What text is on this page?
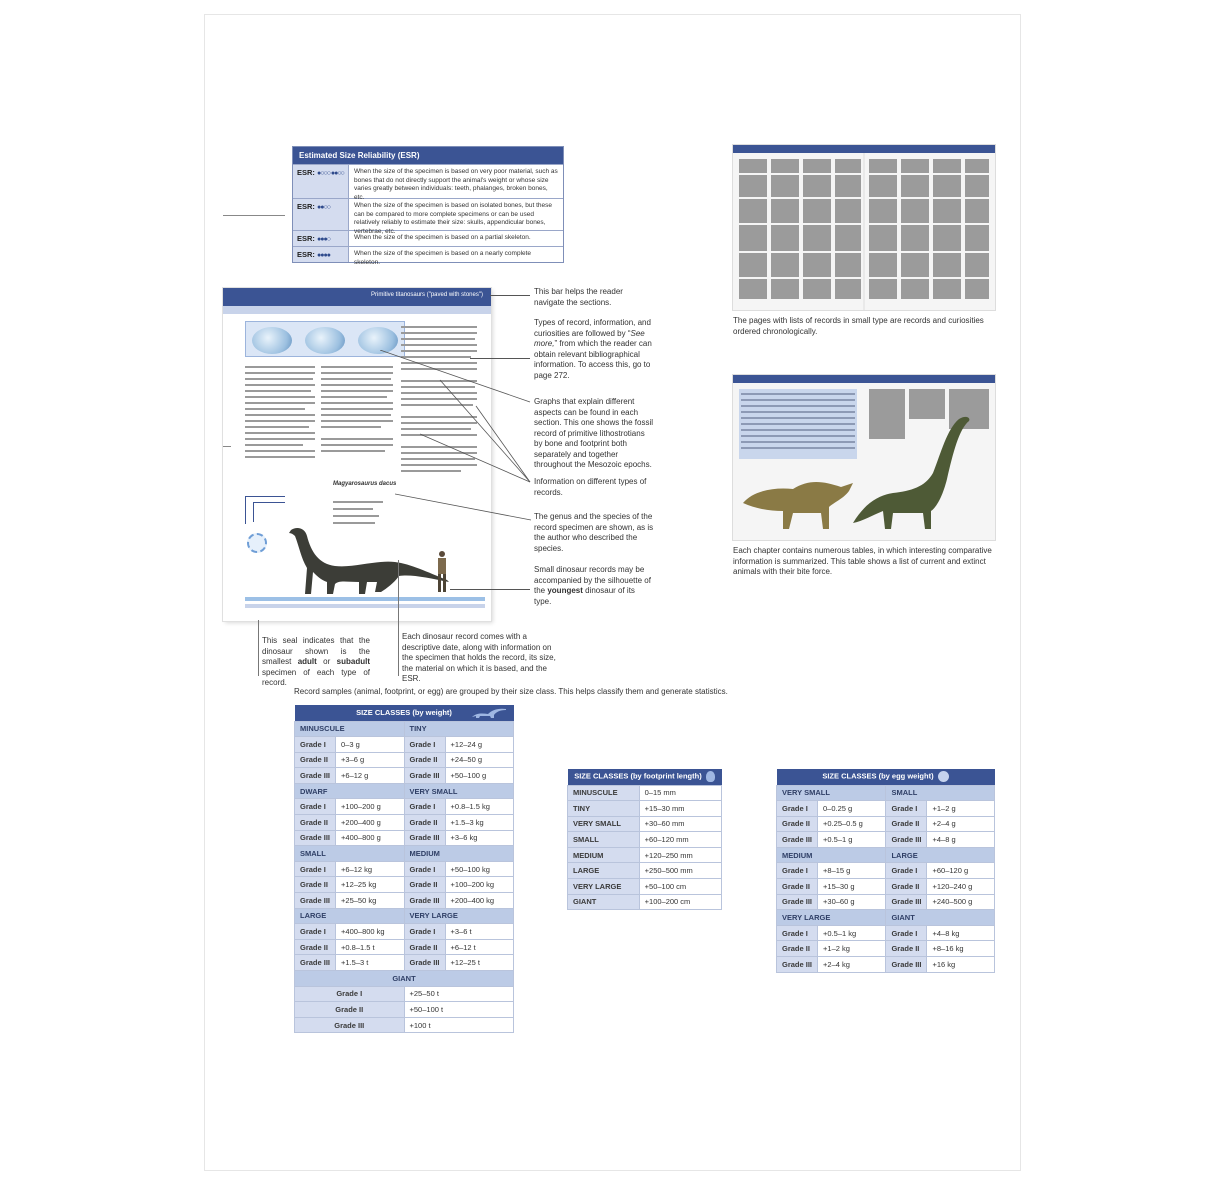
Estimated Size Reliability (ESR)
ESR: ●○○○ ●●○○	When the size of the specimen is based on very poor material, such as bones that do not directly support the animal's weight or whose size varies greatly between individuals: teeth, phalanges, broken bones, etc.
ESR: ●●○○	When the size of the specimen is based on isolated bones, but these can be compared to more complete specimens or can be used relatively reliably to estimate their size: skulls, appendicular bones, vertebrae, etc.
ESR: ●●●○	When the size of the specimen is based on a partial skeleton.
ESR: ●●●●	When the size of the specimen is based on a nearly complete skeleton.
Primitive titanosaurs ("paved with stones")
Magyarosaurus dacus
This bar helps the reader navigate the sections.
Types of record, information, and curiosities are followed by “See more,” from which the reader can obtain relevant bibliographical information. To access this, go to page 272.
Graphs that explain different aspects can be found in each section. This one shows the fossil record of primitive lithostrotians by bone and footprint both separately and together throughout the Mesozoic epochs.
Information on different types of records.
The genus and the species of the record specimen are shown, as is the author who described the species.
Small dinosaur records may be accompanied by the silhouette of the youngest dinosaur of its type.
This seal indicates that the dinosaur shown is the smallest adult or subadult specimen of each type of record.
Each dinosaur record comes with a descriptive date, along with information on the specimen that holds the record, its size, the material on which it is based, and the ESR.
The pages with lists of records in small type are records and curiosities ordered chronologically.
Each chapter contains numerous tables, in which interesting comparative information is summarized. This table shows a list of current and extinct animals with their bite force.
Record samples (animal, footprint, or egg) are grouped by their size class. This helps classify them and generate statistics.
SIZE CLASSES (by weight)			

MINUSCULE		TINY	
Grade I	0–3 g	Grade I	+12–24 g
Grade II	+3–6 g	Grade II	+24–50 g
Grade III	+6–12 g	Grade III	+50–100 g
DWARF		VERY SMALL	
Grade I	+100–200 g	Grade I	+0.8–1.5 kg
Grade II	+200–400 g	Grade II	+1.5–3 kg
Grade III	+400–800 g	Grade III	+3–6 kg
SMALL		MEDIUM	
Grade I	+6–12 kg	Grade I	+50–100 kg
Grade II	+12–25 kg	Grade II	+100–200 kg
Grade III	+25–50 kg	Grade III	+200–400 kg
LARGE		VERY LARGE	
Grade I	+400–800 kg	Grade I	+3–6 t
Grade II	+0.8–1.5 t	Grade II	+6–12 t
Grade III	+1.5–3 t	Grade III	+12–25 t
GIANT			
Grade I		+25–50 t	
Grade II		+50–100 t	
Grade III		+100 t	
SIZE CLASSES (by footprint length)	
MINUSCULE	0–15 mm
TINY	+15–30 mm
VERY SMALL	+30–60 mm
SMALL	+60–120 mm
MEDIUM	+120–250 mm
LARGE	+250–500 mm
VERY LARGE	+50–100 cm
GIANT	+100–200 cm
SIZE CLASSES (by egg weight)			
VERY SMALL		SMALL	
Grade I	0–0.25 g	Grade I	+1–2 g
Grade II	+0.25–0.5 g	Grade II	+2–4 g
Grade III	+0.5–1 g	Grade III	+4–8 g
MEDIUM		LARGE	
Grade I	+8–15 g	Grade I	+60–120 g
Grade II	+15–30 g	Grade II	+120–240 g
Grade III	+30–60 g	Grade III	+240–500 g
VERY LARGE		GIANT	
Grade I	+0.5–1 kg	Grade I	+4–8 kg
Grade II	+1–2 kg	Grade II	+8–16 kg
Grade III	+2–4 kg	Grade III	+16 kg
